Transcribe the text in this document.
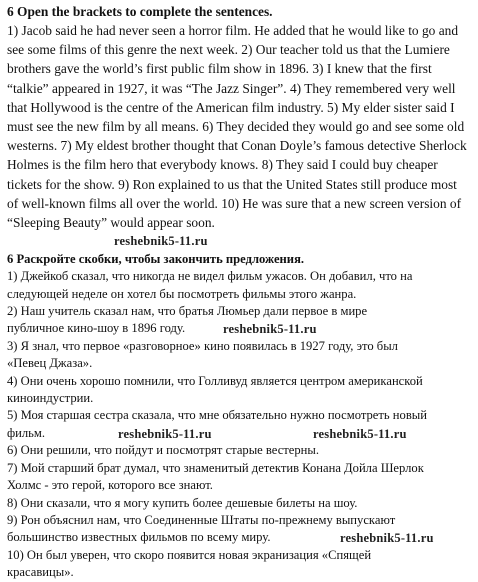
6 Open the brackets to complete the sentences.

1) Jacob said he had never seen a horror film. He added that he would like to go and see some films of this genre the next week. 2) Our teacher told us that the Lumiere brothers gave the world’s first public film show in 1896. 3) I knew that the first “talkie” appeared in 1927, it was “The Jazz Singer”. 4) They remembered very well that Hollywood is the centre of the American film industry. 5) My elder sister said I must see the new film by all means. 6) They decided they would go and see some old westerns. 7) My eldest brother thought that Conan Doyle’s famous detective Sherlock Holmes is the film hero that everybody knows. 8) They said I could buy cheaper tickets for the show. 9) Ron explained to us that the United States still produce most of well-known films all over the world. 10) He was sure that a new screen version of “Sleeping Beauty” would appear soon.

reshebnik5-11.ru

6 Раскройте скобки, чтобы закончить предложения.

1) Джейкоб сказал, что никогда не видел фильм ужасов. Он добавил, что на
следующей неделе он хотел бы посмотреть фильмы этого жанра.
2) Наш учитель сказал нам, что братья Люмьер дали первое в мире
публичное кино-шоу в 1896 году.	reshebnik5-11.ru
3) Я знал, что первое «разговорное» кино появилась в 1927 году, это был
«Певец Джаза».
4) Они очень хорошо помнили, что Голливуд является центром американской
киноиндустрии.
5) Моя старшая сестра сказала, что мне обязательно нужно посмотреть новый
фильм.	reshebnik5-11.ru	reshebnik5-11.ru
6) Они решили, что пойдут и посмотрят старые вестерны.
7) Мой старший брат думал, что знаменитый детектив Конана Дойла Шерлок
Холмс - это герой, которого все знают.
8) Они сказали, что я могу купить более дешевые билеты на шоу.
9) Рон объяснил нам, что Соединенные Штаты по-прежнему выпускают
большинство известных фильмов по всему миру.	reshebnik5-11.ru
10) Он был уверен, что скоро появится новая экранизация «Спящей
красавицы».
